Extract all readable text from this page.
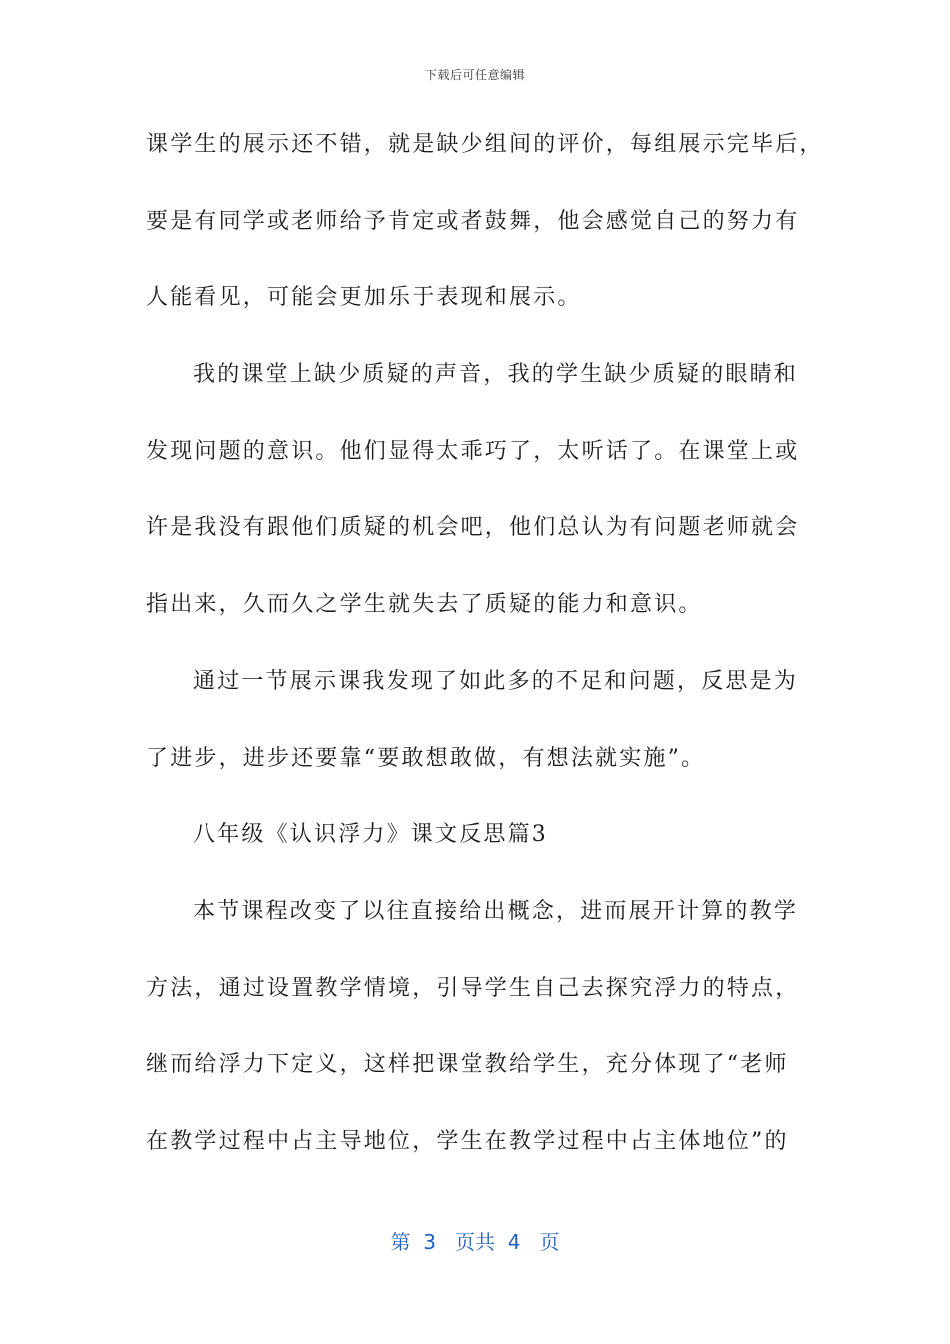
下载后可任意编辑
课学生的展示还不错，就是缺少组间的评价，每组展示完毕后，
要是有同学或老师给予肯定或者鼓舞，他会感觉自己的努力有
人能看见，可能会更加乐于表现和展示。
我的课堂上缺少质疑的声音，我的学生缺少质疑的眼睛和
发现问题的意识。他们显得太乖巧了，太听话了。在课堂上或
许是我没有跟他们质疑的机会吧，他们总认为有问题老师就会
指出来，久而久之学生就失去了质疑的能力和意识。
通过一节展示课我发现了如此多的不足和问题，反思是为
了进步，进步还要靠“要敢想敢做，有想法就实施”。
八年级《认识浮力》课文反思篇3
本节课程改变了以往直接给出概念，进而展开计算的教学
方法，通过设置教学情境，引导学生自己去探究浮力的特点，
继而给浮力下定义，这样把课堂教给学生，充分体现了“老师
在教学过程中占主导地位，学生在教学过程中占主体地位”的
第  3   页共  4   页
